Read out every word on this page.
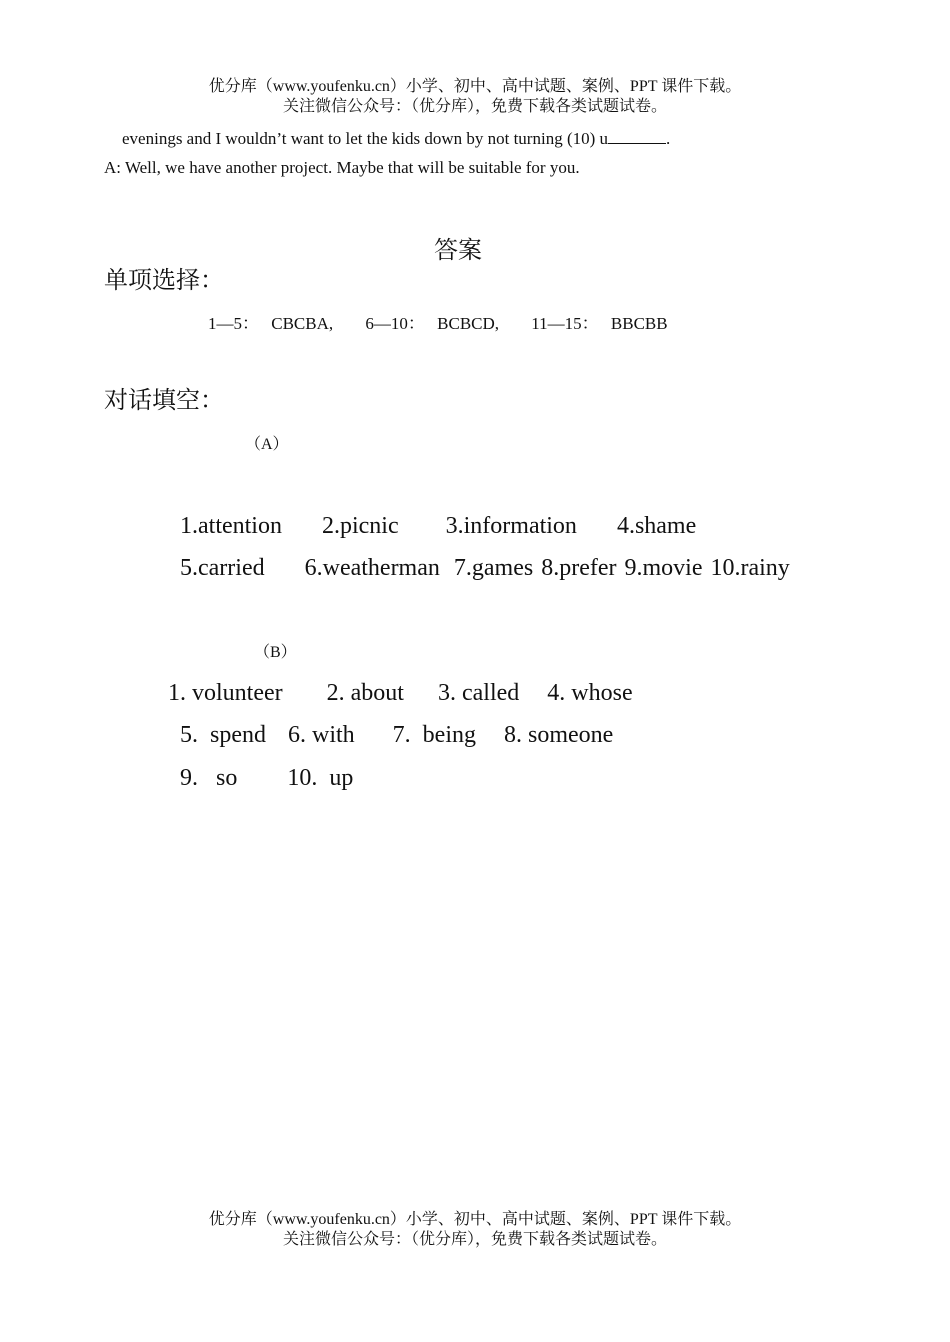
优分库（www.youfenku.cn）小学、初中、高中试题、案例、PPT 课件下载。
关注微信公众号：（优分库），免费下载各类试题试卷。
evenings and I wouldn’t want to let the kids down by not turning (10) u	.
A: Well, we have another project. Maybe that will be suitable for you.
答案
单项选择：
1—5： CBCBA, 6—10： BCBCD, 11—15： BBCBB
对话填空：
（A）
1.attention 2.picnic 3.information 4.shame
5.carried 6.weatherman 7.games 8.prefer 9.movie 10.rainy
（B）
1. volunteer 2. about 3. called 4. whose
5.  spend 6. with 7.  being 8. someone
9.   so 10.  up
优分库（www.youfenku.cn）小学、初中、高中试题、案例、PPT 课件下载。
关注微信公众号：（优分库），免费下载各类试题试卷。
